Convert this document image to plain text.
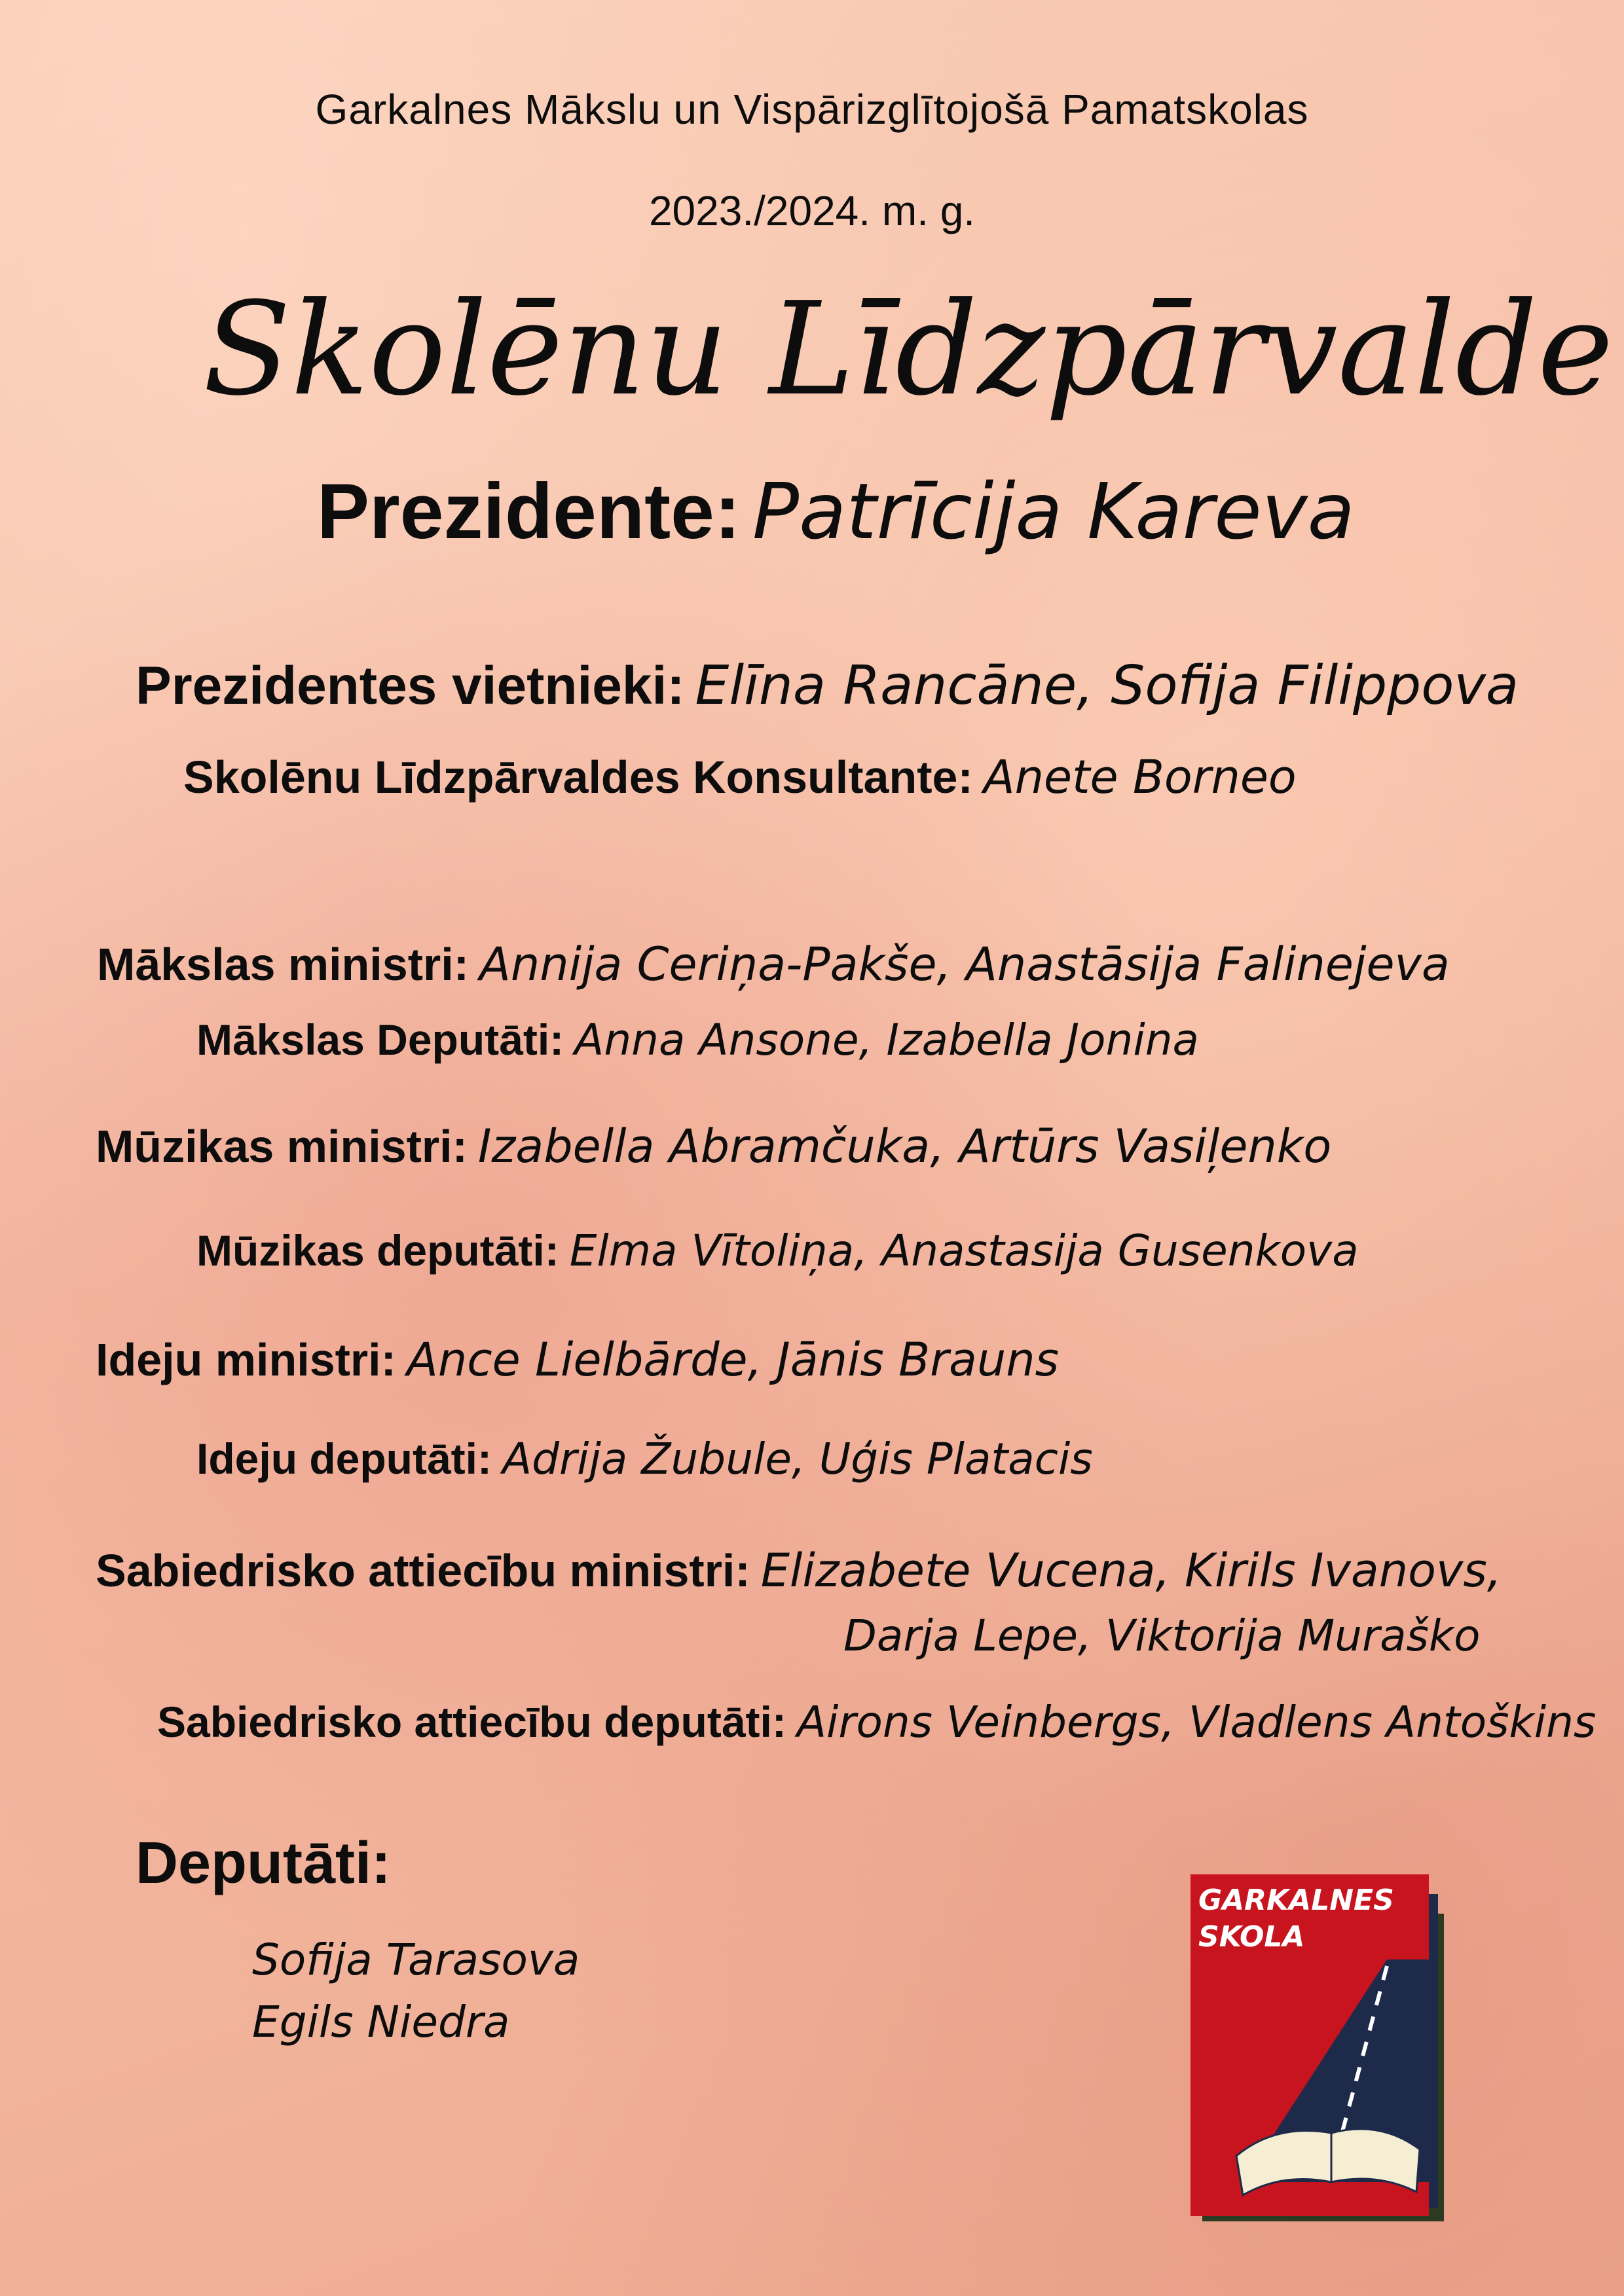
Garkalnes Mākslu un Vispārizglītojošā Pamatskolas
2023./2024. m. g.
Skolēnu Līdzpārvalde
Prezidente: Patrīcija Kareva
Prezidentes vietnieki: Elīna Rancāne, Sofija Filippova
Skolēnu Līdzpārvaldes Konsultante: Anete Borneo
Mākslas ministri: Annija Ceriņa-Pakše, Anastāsija Falinejeva
Mākslas Deputāti: Anna Ansone, Izabella Jonina
Mūzikas ministri: Izabella Abramčuka, Artūrs Vasiļenko
Mūzikas deputāti: Elma Vītoliņa, Anastasija Gusenkova
Ideju ministri: Ance Lielbārde, Jānis Brauns
Ideju deputāti: Adrija Žubule, Uģis Platacis
Sabiedrisko attiecību ministri: Elizabete Vucena, Kirils Ivanovs,
Darja Lepe, Viktorija Muraško
Sabiedrisko attiecību deputāti: Airons Veinbergs, Vladlens Antoškins
Deputāti:
Sofija Tarasova
Egils Niedra
GARKALNES
SKOLA
